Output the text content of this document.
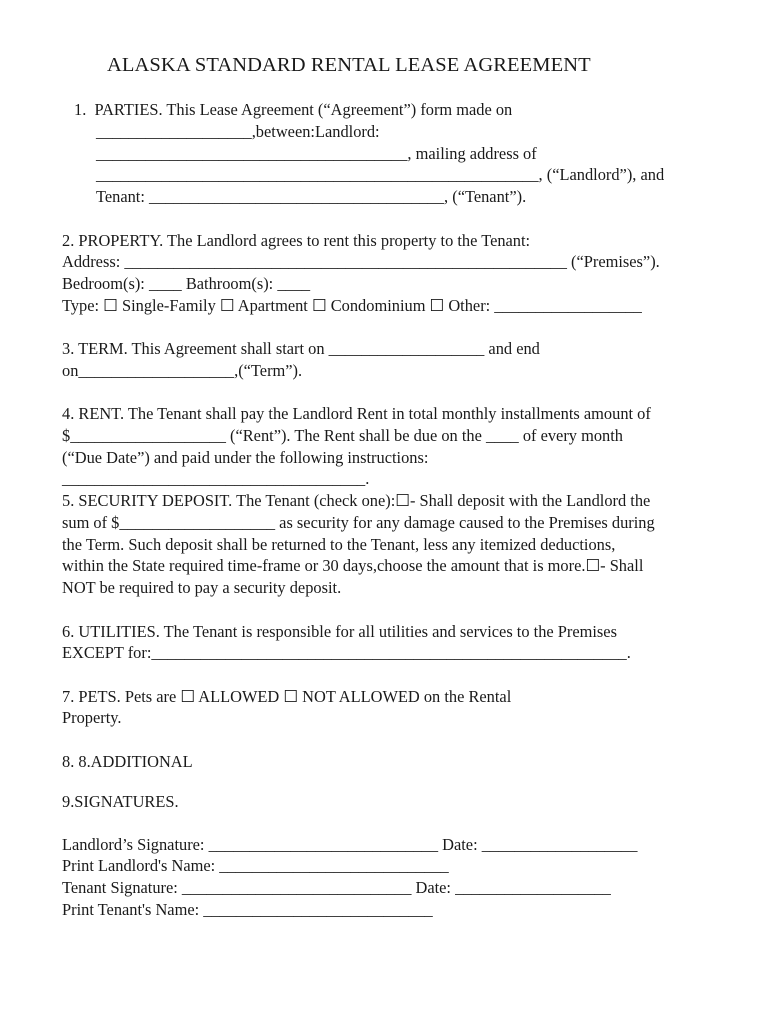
ALASKA STANDARD RENTAL LEASE AGREEMENT
1.  PARTIES. This Lease Agreement (“Agreement”) form made on
___________________,between:Landlord:
______________________________________, mailing address of
______________________________________________________, (“Landlord”), and
Tenant: ____________________________________, (“Tenant”).
2. PROPERTY. The Landlord agrees to rent this property to the Tenant:
Address: ______________________________________________________ (“Premises”).
Bedroom(s): ____ Bathroom(s): ____
Type: ☐ Single-Family ☐ Apartment ☐ Condominium ☐ Other: __________________
3. TERM. This Agreement shall start on ___________________ and end
on___________________,(“Term”).
4. RENT. The Tenant shall pay the Landlord Rent in total monthly installments amount of
$___________________ (“Rent”). The Rent shall be due on the ____ of every month
(“Due Date”) and paid under the following instructions:
_____________________________________.
5. SECURITY DEPOSIT. The Tenant (check one):☐- Shall deposit with the Landlord the
sum of $___________________ as security for any damage caused to the Premises during
the Term. Such deposit shall be returned to the Tenant, less any itemized deductions,
within the State required time-frame or 30 days,choose the amount that is more.☐- Shall
NOT be required to pay a security deposit.
6. UTILITIES. The Tenant is responsible for all utilities and services to the Premises
EXCEPT for:__________________________________________________________.
7. PETS. Pets are ☐ ALLOWED ☐ NOT ALLOWED on the Rental
Property.
8. 8.ADDITIONAL
9.SIGNATURES.
Landlord’s Signature: ____________________________ Date: ___________________
Print Landlord's Name: ____________________________
Tenant Signature: ____________________________ Date: ___________________
Print Tenant's Name: ____________________________
